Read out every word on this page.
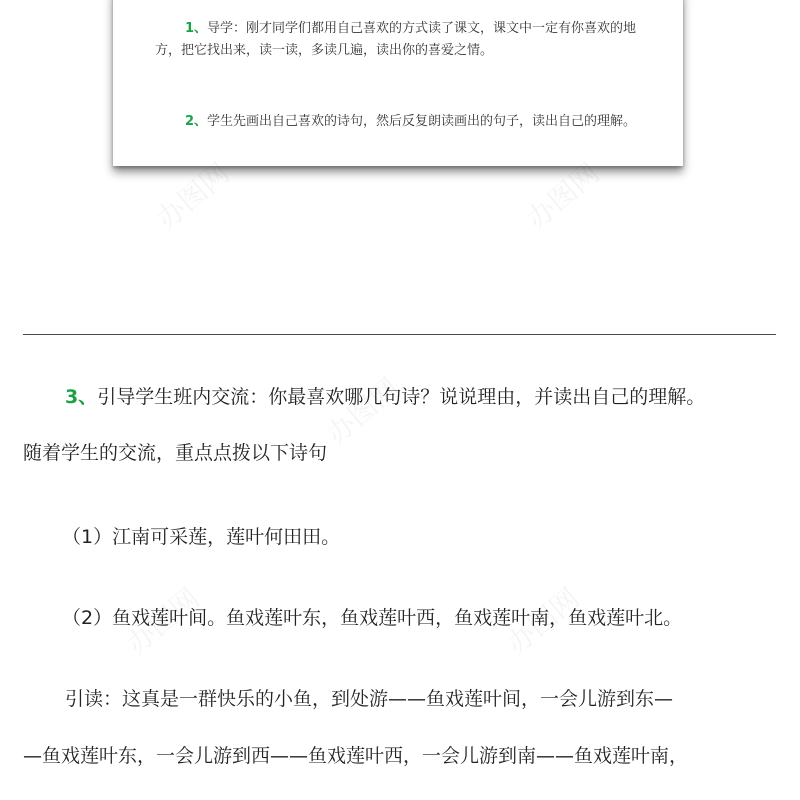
1、导学：刚才同学们都用自己喜欢的方式读了课文，课文中一定有你喜欢的地方，把它找出来，读一读，多读几遍，读出你的喜爱之情。

2、学生先画出自己喜欢的诗句，然后反复朗读画出的句子，读出自己的理解。

3、引导学生班内交流：你最喜欢哪几句诗？说说理由，并读出自己的理解。

随着学生的交流，重点点拨以下诗句

（1）江南可采莲，莲叶何田田。

（2）鱼戏莲叶间。鱼戏莲叶东，鱼戏莲叶西，鱼戏莲叶南，鱼戏莲叶北。

引读：这真是一群快乐的小鱼，到处游——鱼戏莲叶间，一会儿游到东—

—鱼戏莲叶东，一会儿游到西——鱼戏莲叶西，一会儿游到南——鱼戏莲叶南，
